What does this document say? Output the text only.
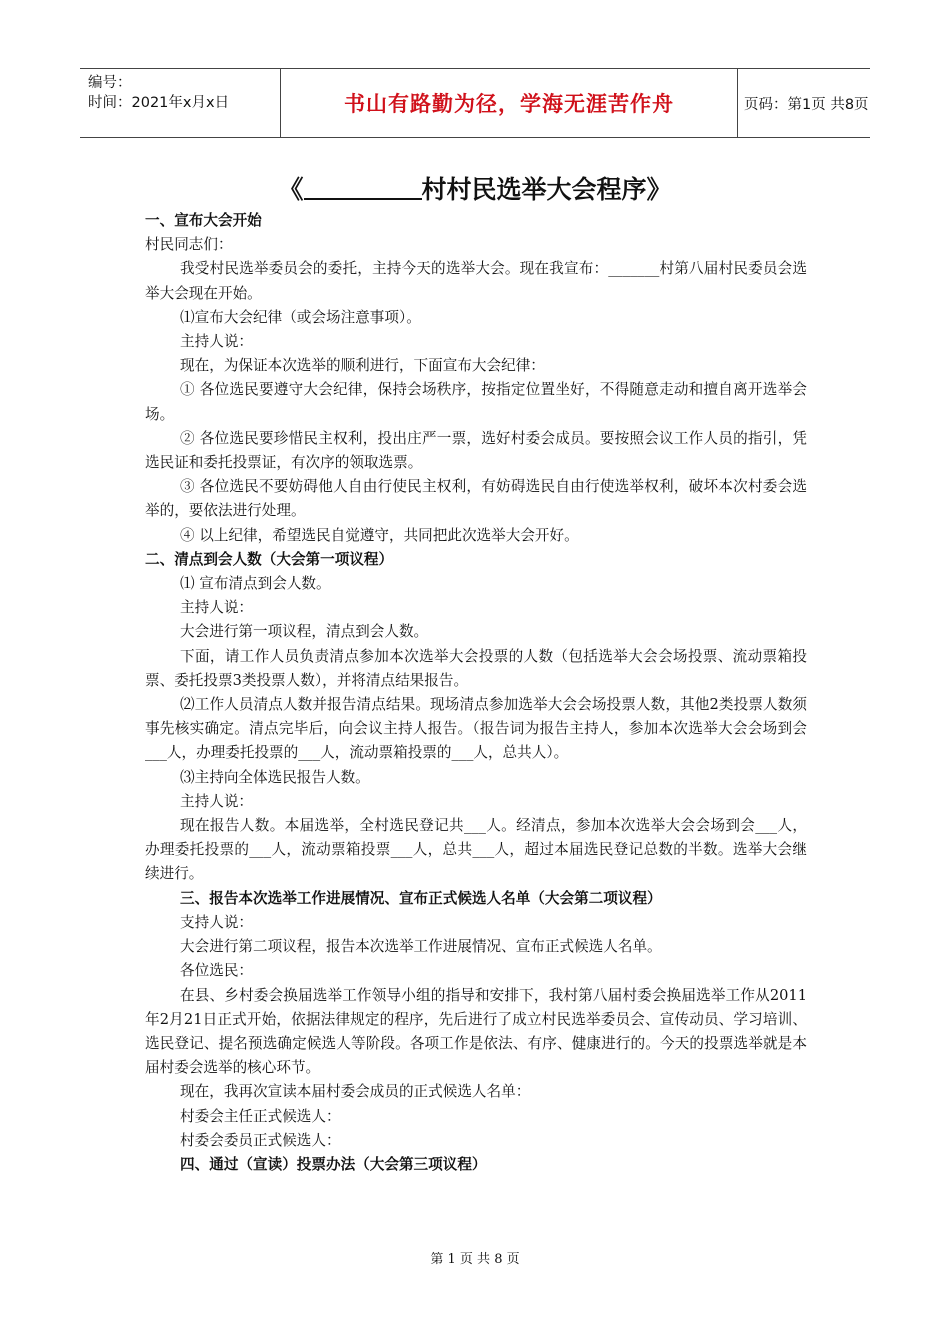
编号：
时间：2021年x月x日	书山有路勤为径，学海无涯苦作舟	页码：第1页 共8页
《	村村民选举大会程序》

一、宣布大会开始

村民同志们：

我受村民选举委员会的委托，主持今天的选举大会。现在我宣布：_______村第八届村民委员会选举大会现在开始。

⑴宣布大会纪律（或会场注意事项）。

主持人说：

现在，为保证本次选举的顺利进行，下面宣布大会纪律：

① 各位选民要遵守大会纪律，保持会场秩序，按指定位置坐好，不得随意走动和擅自离开选举会场。

② 各位选民要珍惜民主权利，投出庄严一票，选好村委会成员。要按照会议工作人员的指引，凭选民证和委托投票证，有次序的领取选票。

③ 各位选民不要妨碍他人自由行使民主权利，有妨碍选民自由行使选举权利，破坏本次村委会选举的，要依法进行处理。

④ 以上纪律，希望选民自觉遵守，共同把此次选举大会开好。

二、清点到会人数（大会第一项议程）

⑴ 宣布清点到会人数。

主持人说：

大会进行第一项议程，清点到会人数。

下面，请工作人员负责清点参加本次选举大会投票的人数（包括选举大会会场投票、流动票箱投票、委托投票3类投票人数），并将清点结果报告。

⑵工作人员清点人数并报告清点结果。现场清点参加选举大会会场投票人数，其他2类投票人数须事先核实确定。清点完毕后，向会议主持人报告。（报告词为报告主持人，参加本次选举大会会场到会___人，办理委托投票的___人，流动票箱投票的___人，总共人）。

⑶主持向全体选民报告人数。

主持人说：

现在报告人数。本届选举，全村选民登记共___人。经清点，参加本次选举大会会场到会___人，办理委托投票的___人，流动票箱投票___人，总共___人，超过本届选民登记总数的半数。选举大会继续进行。

三、报告本次选举工作进展情况、宣布正式候选人名单（大会第二项议程）

支持人说：

大会进行第二项议程，报告本次选举工作进展情况、宣布正式候选人名单。

各位选民：

在县、乡村委会换届选举工作领导小组的指导和安排下，我村第八届村委会换届选举工作从2011年2月21日正式开始，依据法律规定的程序，先后进行了成立村民选举委员会、宣传动员、学习培训、选民登记、提名预选确定候选人等阶段。各项工作是依法、有序、健康进行的。今天的投票选举就是本届村委会选举的核心环节。

现在，我再次宣读本届村委会成员的正式候选人名单：

村委会主任正式候选人：

村委会委员正式候选人：

四、通过（宣读）投票办法（大会第三项议程）

第 1 页 共 8 页
